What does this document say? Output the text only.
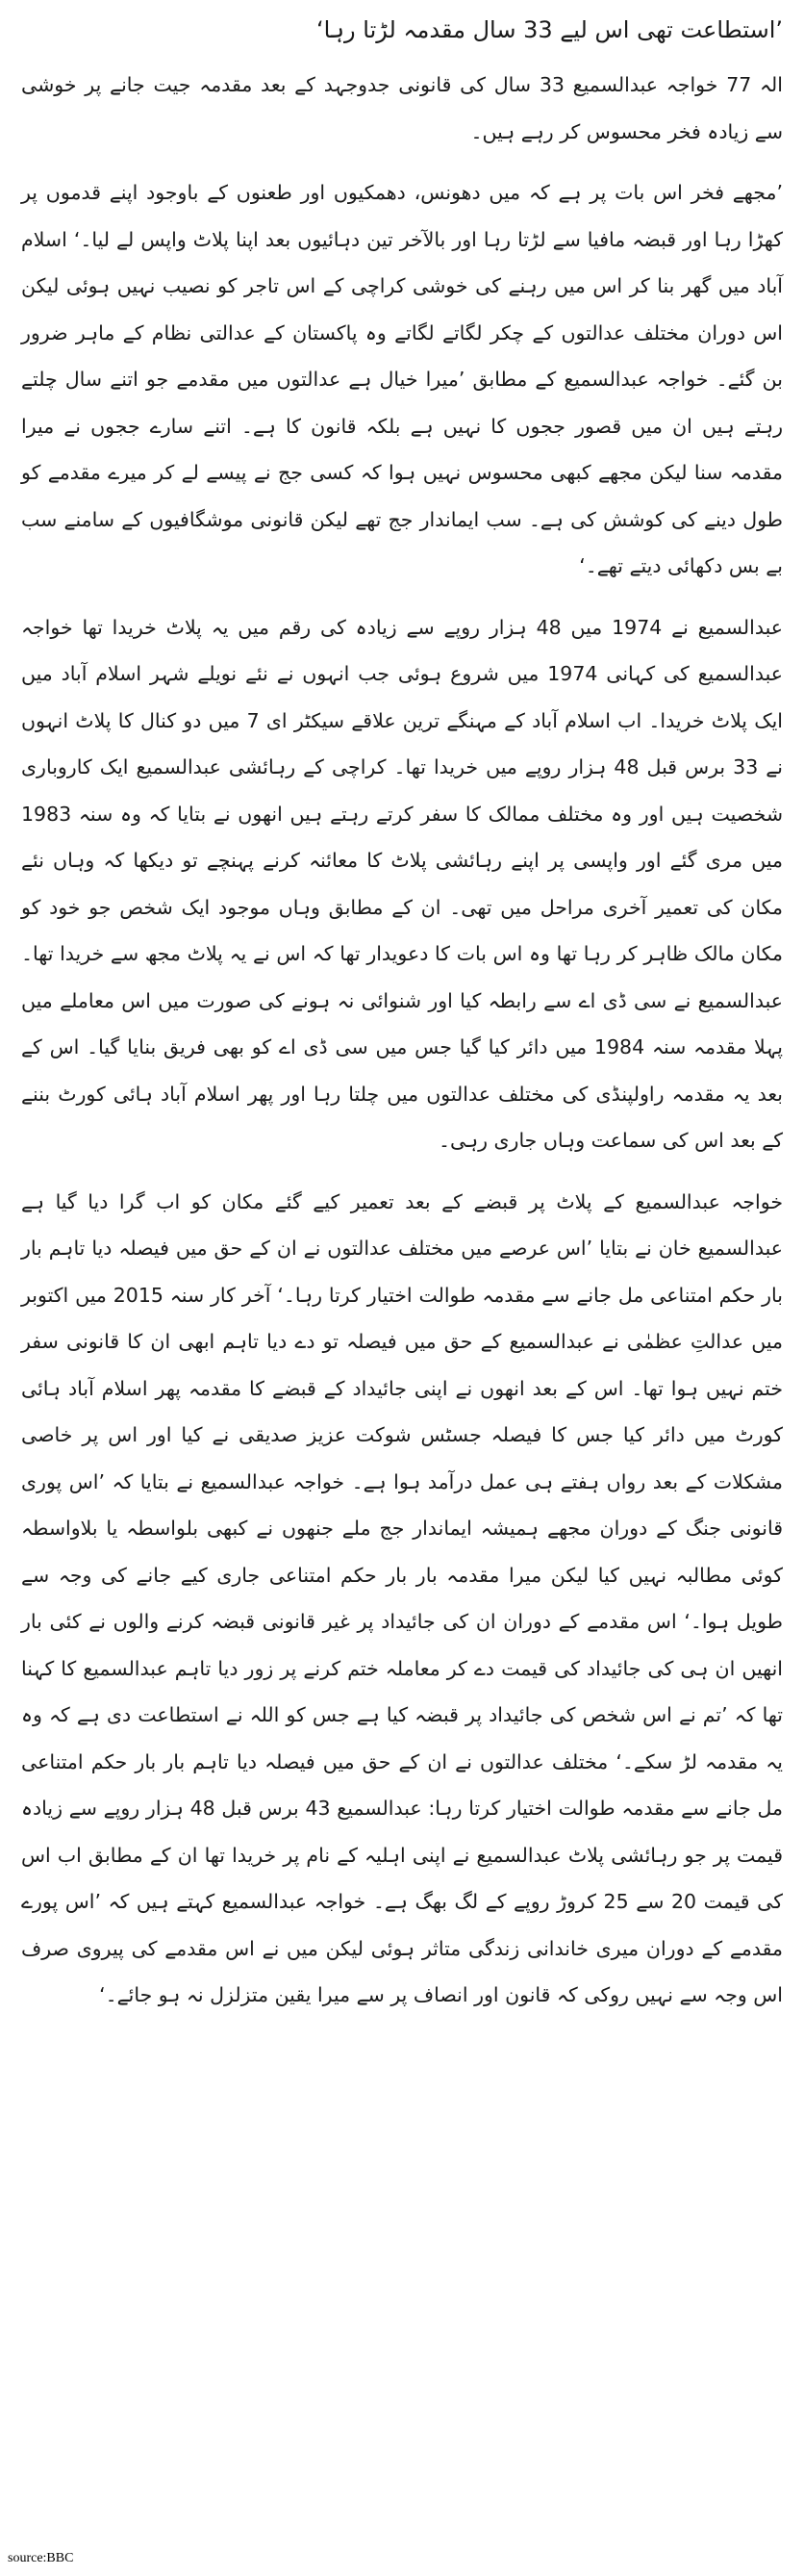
’استطاعت تھی اس لیے 33 سال مقدمہ لڑتا رہا‘

الہ 77 خواجہ عبدالسمیع 33 سال کی قانونی جدوجہد کے بعد مقدمہ جیت جانے پر خوشی سے زیادہ فخر محسوس کر رہے ہیں۔

’مجھے فخر اس بات پر ہے کہ میں دھونس، دھمکیوں اور طعنوں کے باوجود اپنے قدموں پر کھڑا رہا اور قبضہ مافیا سے لڑتا رہا اور بالآخر تین دہائیوں بعد اپنا پلاٹ واپس لے لیا۔‘ اسلام آباد میں گھر بنا کر اس میں رہنے کی خوشی کراچی کے اس تاجر کو نصیب نہیں ہوئی لیکن اس دوران مختلف عدالتوں کے چکر لگاتے لگاتے وہ پاکستان کے عدالتی نظام کے ماہر ضرور بن گئے۔ خواجہ عبدالسمیع کے مطابق ’میرا خیال ہے عدالتوں میں مقدمے جو اتنے سال چلتے رہتے ہیں ان میں قصور ججوں کا نہیں ہے بلکہ قانون کا ہے۔ اتنے سارے ججوں نے میرا مقدمہ سنا لیکن مجھے کبھی محسوس نہیں ہوا کہ کسی جج نے پیسے لے کر میرے مقدمے کو طول دینے کی کوشش کی ہے۔ سب ایماندار جج تھے لیکن قانونی موشگافیوں کے سامنے سب بے بس دکھائی دیتے تھے۔‘

عبدالسمیع نے 1974 میں 48 ہزار روپے سے زیادہ کی رقم میں یہ پلاٹ خریدا تھا خواجہ عبدالسمیع کی کہانی 1974 میں شروع ہوئی جب انہوں نے نئے نویلے شہر اسلام آباد میں ایک پلاٹ خریدا۔ اب اسلام آباد کے مہنگے ترین علاقے سیکٹر ای 7 میں دو کنال کا پلاٹ انہوں نے 33 برس قبل 48 ہزار روپے میں خریدا تھا۔ کراچی کے رہائشی عبدالسمیع ایک کاروباری شخصیت ہیں اور وہ مختلف ممالک کا سفر کرتے رہتے ہیں انھوں نے بتایا کہ وہ سنہ 1983 میں مری گئے اور واپسی پر اپنے رہائشی پلاٹ کا معائنہ کرنے پہنچے تو دیکھا کہ وہاں نئے مکان کی تعمیر آخری مراحل میں تھی۔ ان کے مطابق وہاں موجود ایک شخص جو خود کو مکان مالک ظاہر کر رہا تھا وہ اس بات کا دعویدار تھا کہ اس نے یہ پلاٹ مجھ سے خریدا تھا۔ عبدالسمیع نے سی ڈی اے سے رابطہ کیا اور شنوائی نہ ہونے کی صورت میں اس معاملے میں پہلا مقدمہ سنہ 1984 میں دائر کیا گیا جس میں سی ڈی اے کو بھی فریق بنایا گیا۔ اس کے بعد یہ مقدمہ راولپنڈی کی مختلف عدالتوں میں چلتا رہا اور پھر اسلام آباد ہائی کورٹ بننے کے بعد اس کی سماعت وہاں جاری رہی۔

خواجہ عبدالسمیع کے پلاٹ پر قبضے کے بعد تعمیر کیے گئے مکان کو اب گرا دیا گیا ہے عبدالسمیع خان نے بتایا ’اس عرصے میں مختلف عدالتوں نے ان کے حق میں فیصلہ دیا تاہم بار بار حکم امتناعی مل جانے سے مقدمہ طوالت اختیار کرتا رہا۔‘ آخر کار سنہ 2015 میں اکتوبر میں عدالتِ عظمٰی نے عبدالسمیع کے حق میں فیصلہ تو دے دیا تاہم ابھی ان کا قانونی سفر ختم نہیں ہوا تھا۔ اس کے بعد انھوں نے اپنی جائیداد کے قبضے کا مقدمہ پھر اسلام آباد ہائی کورٹ میں دائر کیا جس کا فیصلہ جسٹس شوکت عزیز صدیقی نے کیا اور اس پر خاصی مشکلات کے بعد رواں ہفتے ہی عمل درآمد ہوا ہے۔ خواجہ عبدالسمیع نے بتایا کہ ’اس پوری قانونی جنگ کے دوران مجھے ہمیشہ ایماندار جج ملے جنھوں نے کبھی بلواسطہ یا بلاواسطہ کوئی مطالبہ نہیں کیا لیکن میرا مقدمہ بار بار حکم امتناعی جاری کیے جانے کی وجہ سے طویل ہوا۔‘ اس مقدمے کے دوران ان کی جائیداد پر غیر قانونی قبضہ کرنے والوں نے کئی بار انھیں ان ہی کی جائیداد کی قیمت دے کر معاملہ ختم کرنے پر زور دیا تاہم عبدالسمیع کا کہنا تھا کہ ’تم نے اس شخص کی جائیداد پر قبضہ کیا ہے جس کو اللہ نے استطاعت دی ہے کہ وہ یہ مقدمہ لڑ سکے۔‘ مختلف عدالتوں نے ان کے حق میں فیصلہ دیا تاہم بار بار حکم امتناعی مل جانے سے مقدمہ طوالت اختیار کرتا رہا: عبدالسمیع 43 برس قبل 48 ہزار روپے سے زیادہ قیمت پر جو رہائشی پلاٹ عبدالسمیع نے اپنی اہلیہ کے نام پر خریدا تھا ان کے مطابق اب اس کی قیمت 20 سے 25 کروڑ روپے کے لگ بھگ ہے۔ خواجہ عبدالسمیع کہتے ہیں کہ ’اس پورے مقدمے کے دوران میری خاندانی زندگی متاثر ہوئی لیکن میں نے اس مقدمے کی پیروی صرف اس وجہ سے نہیں روکی کہ قانون اور انصاف پر سے میرا یقین متزلزل نہ ہو جائے۔‘

source:BBC
